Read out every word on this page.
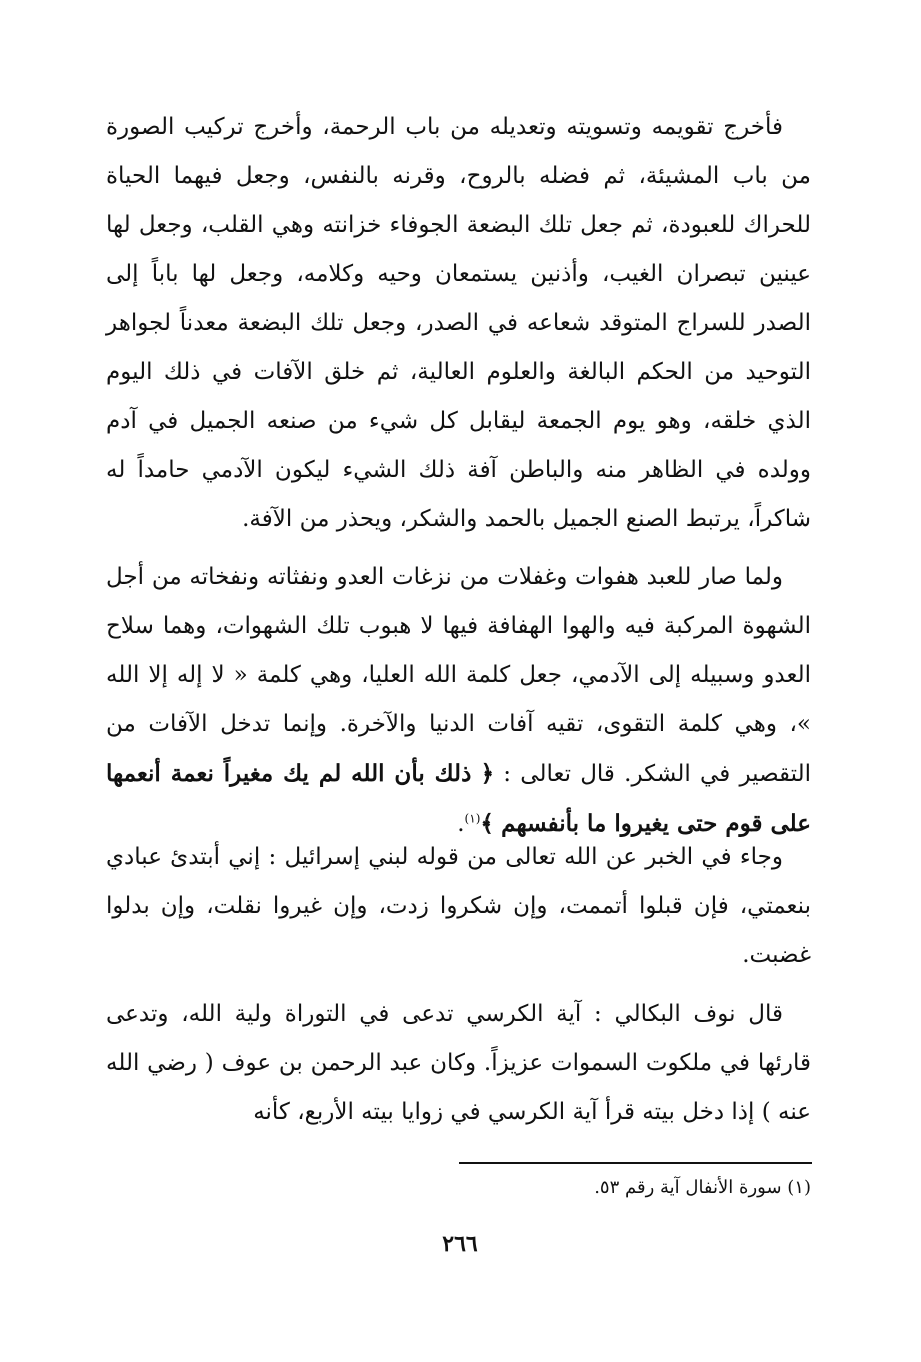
فأخرج تقويمه وتسويته وتعديله من باب الرحمة، وأخرج تركيب الصورة من باب المشيئة، ثم فضله بالروح، وقرنه بالنفس، وجعل فيهما الحياة للحراك للعبودة، ثم جعل تلك البضعة الجوفاء خزانته وهي القلب، وجعل لها عينين تبصران الغيب، وأذنين يستمعان وحيه وكلامه، وجعل لها باباً إلى الصدر للسراج المتوقد شعاعه في الصدر، وجعل تلك البضعة معدناً لجواهر التوحيد من الحكم البالغة والعلوم العالية، ثم خلق الآفات في ذلك اليوم الذي خلقه، وهو يوم الجمعة ليقابل كل شيء من صنعه الجميل في آدم وولده في الظاهر منه والباطن آفة ذلك الشيء ليكون الآدمي حامداً له شاكراً، يرتبط الصنع الجميل بالحمد والشكر، ويحذر من الآفة.

ولما صار للعبد هفوات وغفلات من نزغات العدو ونفثاته ونفخاته من أجل الشهوة المركبة فيه والهوا الهفافة فيها لا هبوب تلك الشهوات، وهما سلاح العدو وسبيله إلى الآدمي، جعل كلمة الله العليا، وهي كلمة « لا إله إلا الله »، وهي كلمة التقوى، تقيه آفات الدنيا والآخرة. وإنما تدخل الآفات من التقصير في الشكر. قال تعالى : ﴿ ذلك بأن الله لم يك مغيراً نعمة أنعمها على قوم حتى يغيروا ما بأنفسهم ﴾$^{(١)}$.

وجاء في الخبر عن الله تعالى من قوله لبني إسرائيل : إني أبتدئ عبادي بنعمتي، فإن قبلوا أتممت، وإن شكروا زدت، وإن غيروا نقلت، وإن بدلوا غضبت.

قال نوف البكالي : آية الكرسي تدعى في التوراة ولية الله، وتدعى قارئها في ملكوت السموات عزيزاً. وكان عبد الرحمن بن عوف ( رضي الله عنه ) إذا دخل بيته قرأ آية الكرسي في زوايا بيته الأربع، كأنه

(١) سورة الأنفال آية رقم ٥٣.

٢٦٦
